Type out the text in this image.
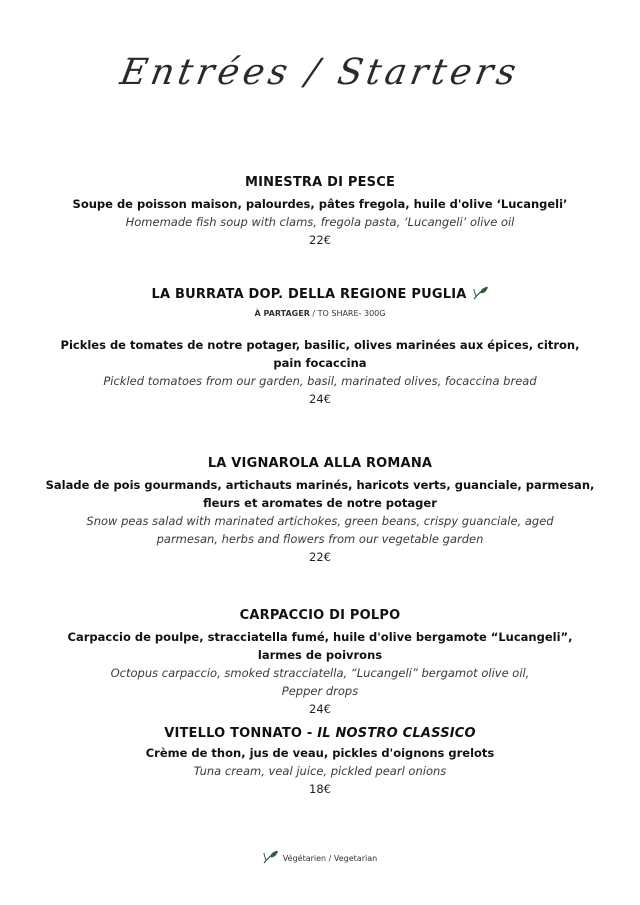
Entrées / Starters
MINESTRA DI PESCE
Soupe de poisson maison, palourdes, pâtes fregola, huile d'olive ‘Lucangeli’
Homemade fish soup with clams, fregola pasta, ‘Lucangeli’ olive oil
22€
LA BURRATA DOP. DELLA REGIONE PUGLIA
À PARTAGER / TO SHARE- 300G
Pickles de tomates de notre potager, basilic, olives marinées aux épices, citron,
pain focaccina
Pickled tomatoes from our garden, basil, marinated olives, focaccina bread
24€
LA VIGNAROLA ALLA ROMANA
Salade de pois gourmands, artichauts marinés, haricots verts, guanciale, parmesan,
fleurs et aromates de notre potager
Snow peas salad with marinated artichokes, green beans, crispy guanciale, aged
parmesan, herbs and flowers from our vegetable garden
22€
CARPACCIO DI POLPO
Carpaccio de poulpe, stracciatella fumé, huile d'olive bergamote “Lucangeli”,
larmes de poivrons
Octopus carpaccio, smoked stracciatella, “Lucangeli” bergamot olive oil,
Pepper drops
24€
VITELLO TONNATO - IL NOSTRO CLASSICO
Crème de thon, jus de veau, pickles d'oignons grelots
Tuna cream, veal juice, pickled pearl onions
18€
Végétarien / Vegetarian
